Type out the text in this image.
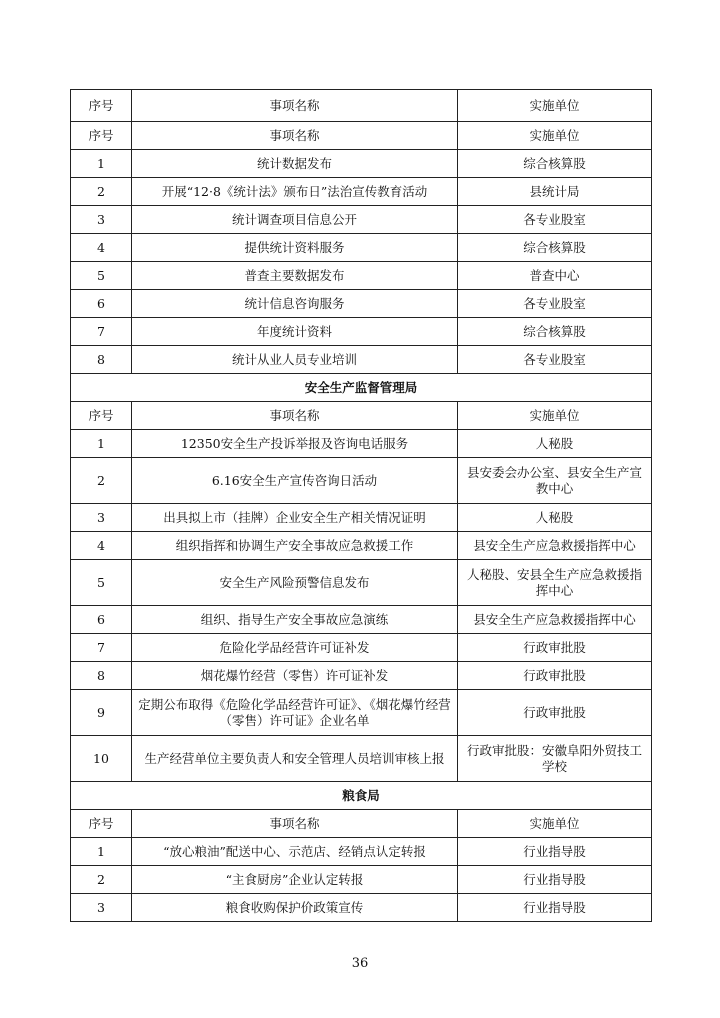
序号	事项名称	实施单位
序号	事项名称	实施单位
1	统计数据发布	综合核算股
2	开展“12·8《统计法》颁布日”法治宣传教育活动	县统计局
3	统计调查项目信息公开	各专业股室
4	提供统计资料服务	综合核算股
5	普查主要数据发布	普查中心
6	统计信息咨询服务	各专业股室
7	年度统计资料	综合核算股
8	统计从业人员专业培训	各专业股室
安全生产监督管理局		
序号	事项名称	实施单位
1	12350安全生产投诉举报及咨询电话服务	人秘股
2	6.16安全生产宣传咨询日活动	县安委会办公室、县安全生产宣教中心
3	出具拟上市（挂牌）企业安全生产相关情况证明	人秘股
4	组织指挥和协调生产安全事故应急救援工作	县安全生产应急救援指挥中心
5	安全生产风险预警信息发布	人秘股、安县全生产应急救援指挥中心
6	组织、指导生产安全事故应急演练	县安全生产应急救援指挥中心
7	危险化学品经营许可证补发	行政审批股
8	烟花爆竹经营（零售）许可证补发	行政审批股
9	定期公布取得《危险化学品经营许可证》、《烟花爆竹经营（零售）许可证》企业名单	行政审批股
10	生产经营单位主要负责人和安全管理人员培训审核上报	行政审批股：安徽阜阳外贸技工学校
粮食局		
序号	事项名称	实施单位
1	“放心粮油”配送中心、示范店、经销点认定转报	行业指导股
2	“主食厨房”企业认定转报	行业指导股
3	粮食收购保护价政策宣传	行业指导股
36
